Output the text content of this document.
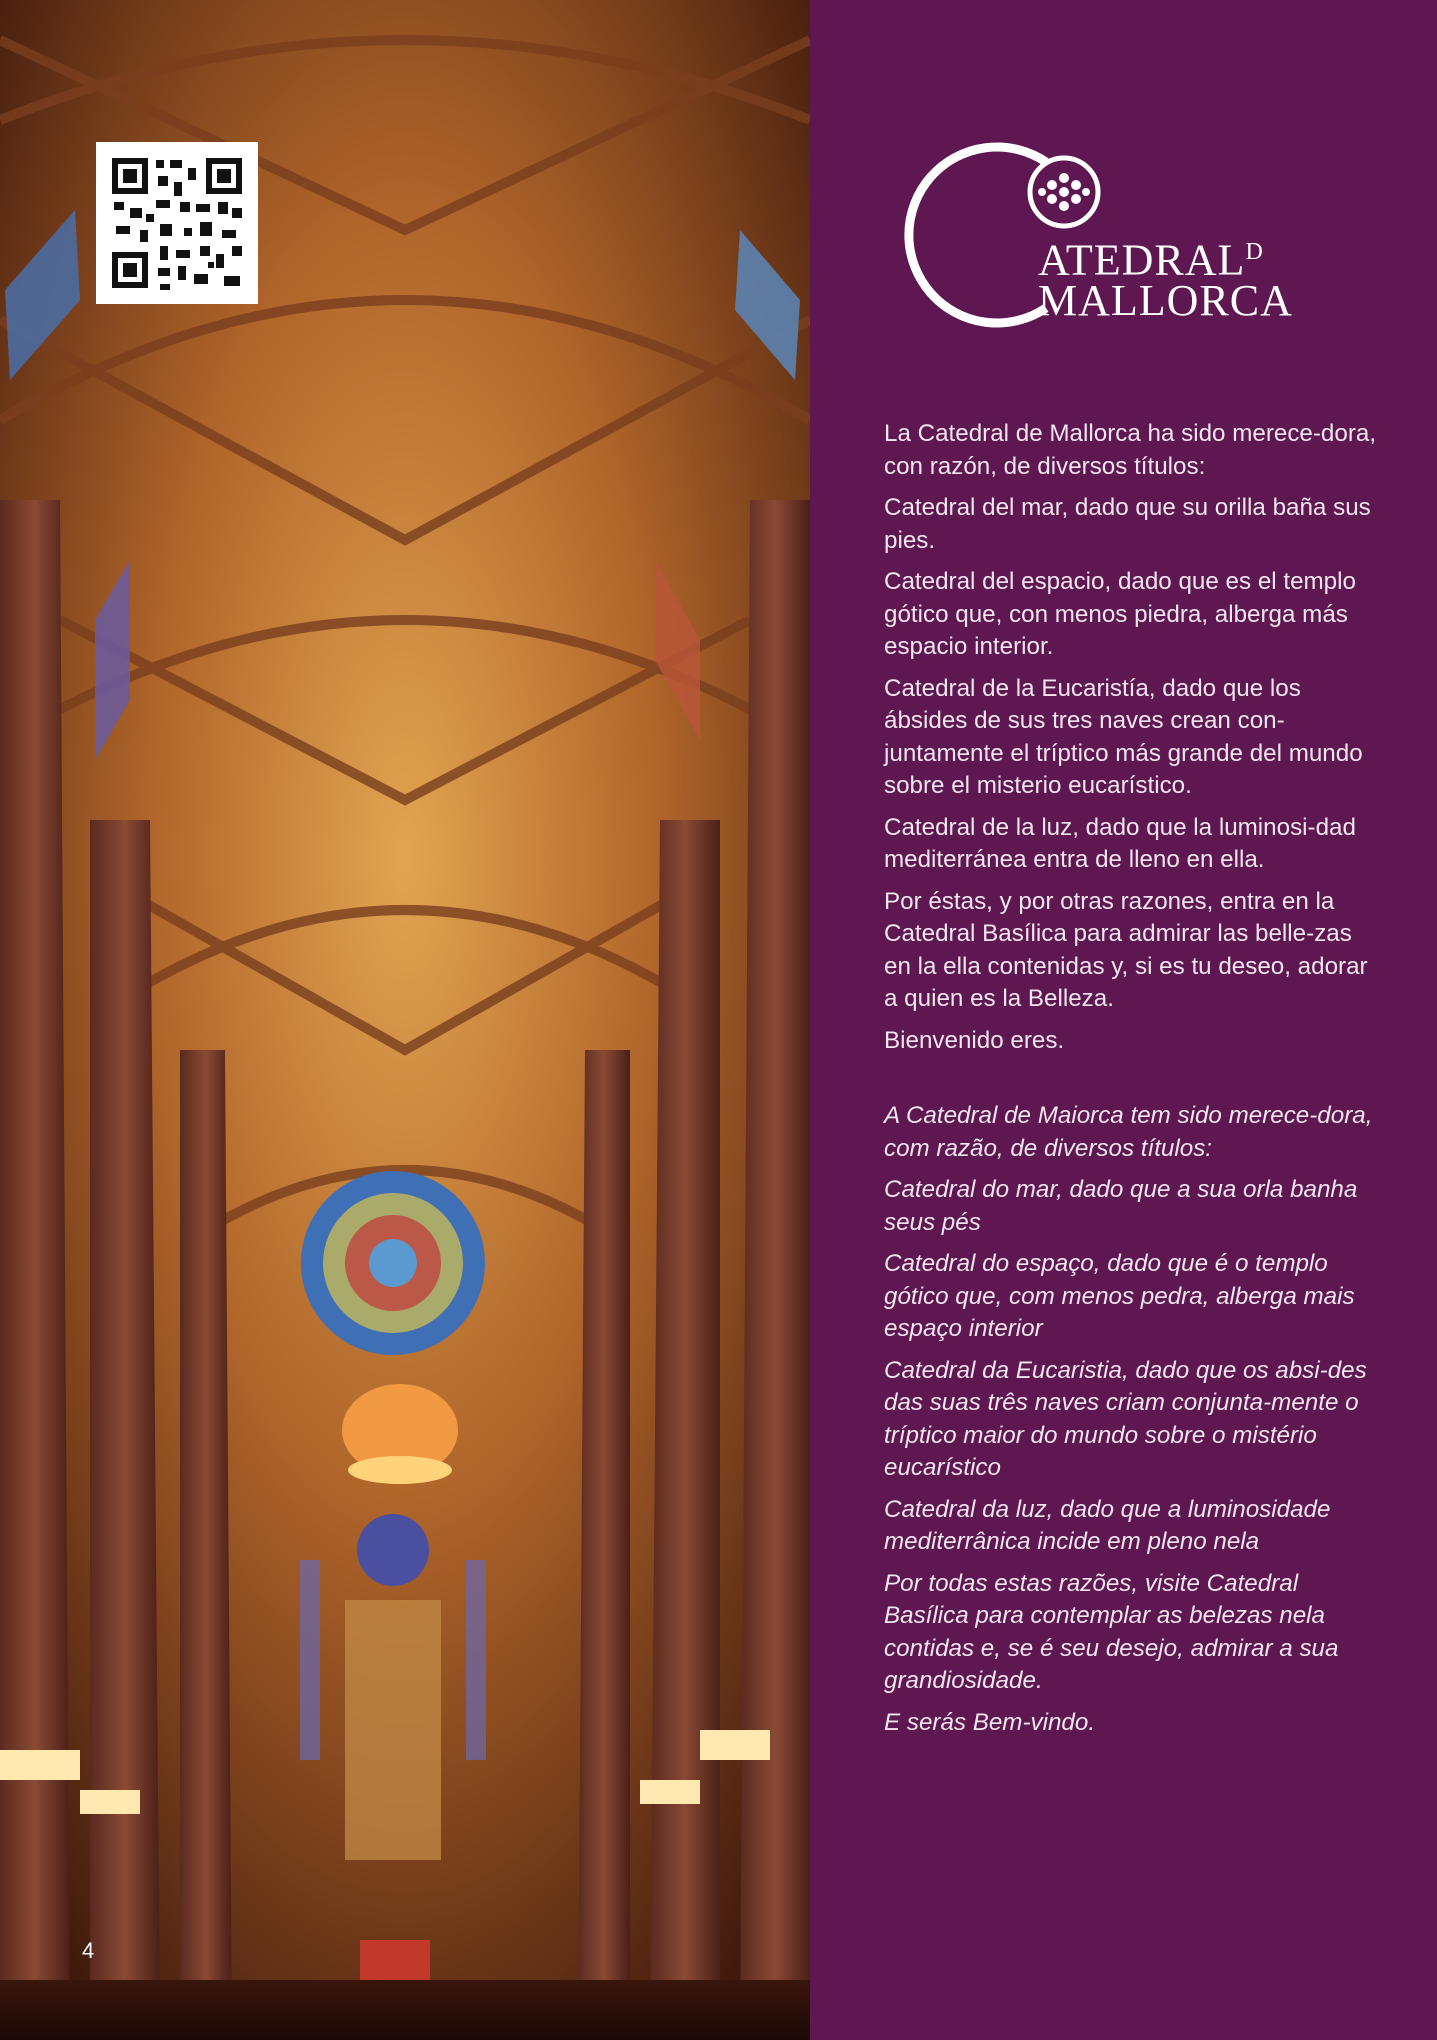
4
$ATEDRAL^D$
MALLORCA

La Catedral de Mallorca ha sido merece-dora, con razón, de diversos títulos:

Catedral del mar, dado que su orilla baña sus pies.

Catedral del espacio, dado que es el templo gótico que, con menos piedra, alberga más espacio interior.

Catedral de la Eucaristía, dado que los ábsides de sus tres naves crean con-juntamente el tríptico más grande del mundo sobre el misterio eucarístico.

Catedral de la luz, dado que la luminosi-dad mediterránea entra de lleno en ella.

Por éstas, y por otras razones, entra en la Catedral Basílica para admirar las belle-zas en la ella contenidas y, si es tu deseo, adorar a quien es la Belleza.

Bienvenido eres.

A Catedral de Maiorca tem sido merece-dora, com razão, de diversos títulos:

Catedral do mar, dado que a sua orla banha seus pés

Catedral do espaço, dado que é o templo gótico que, com menos pedra, alberga mais espaço interior

Catedral da Eucaristia, dado que os absi-des das suas três naves criam conjunta-mente o tríptico maior do mundo sobre o mistério eucarístico

Catedral da luz, dado que a luminosidade mediterrânica incide em pleno nela

Por todas estas razões, visite Catedral Basílica para contemplar as belezas nela contidas e, se é seu desejo, admirar a sua grandiosidade.

E serás Bem-vindo.
